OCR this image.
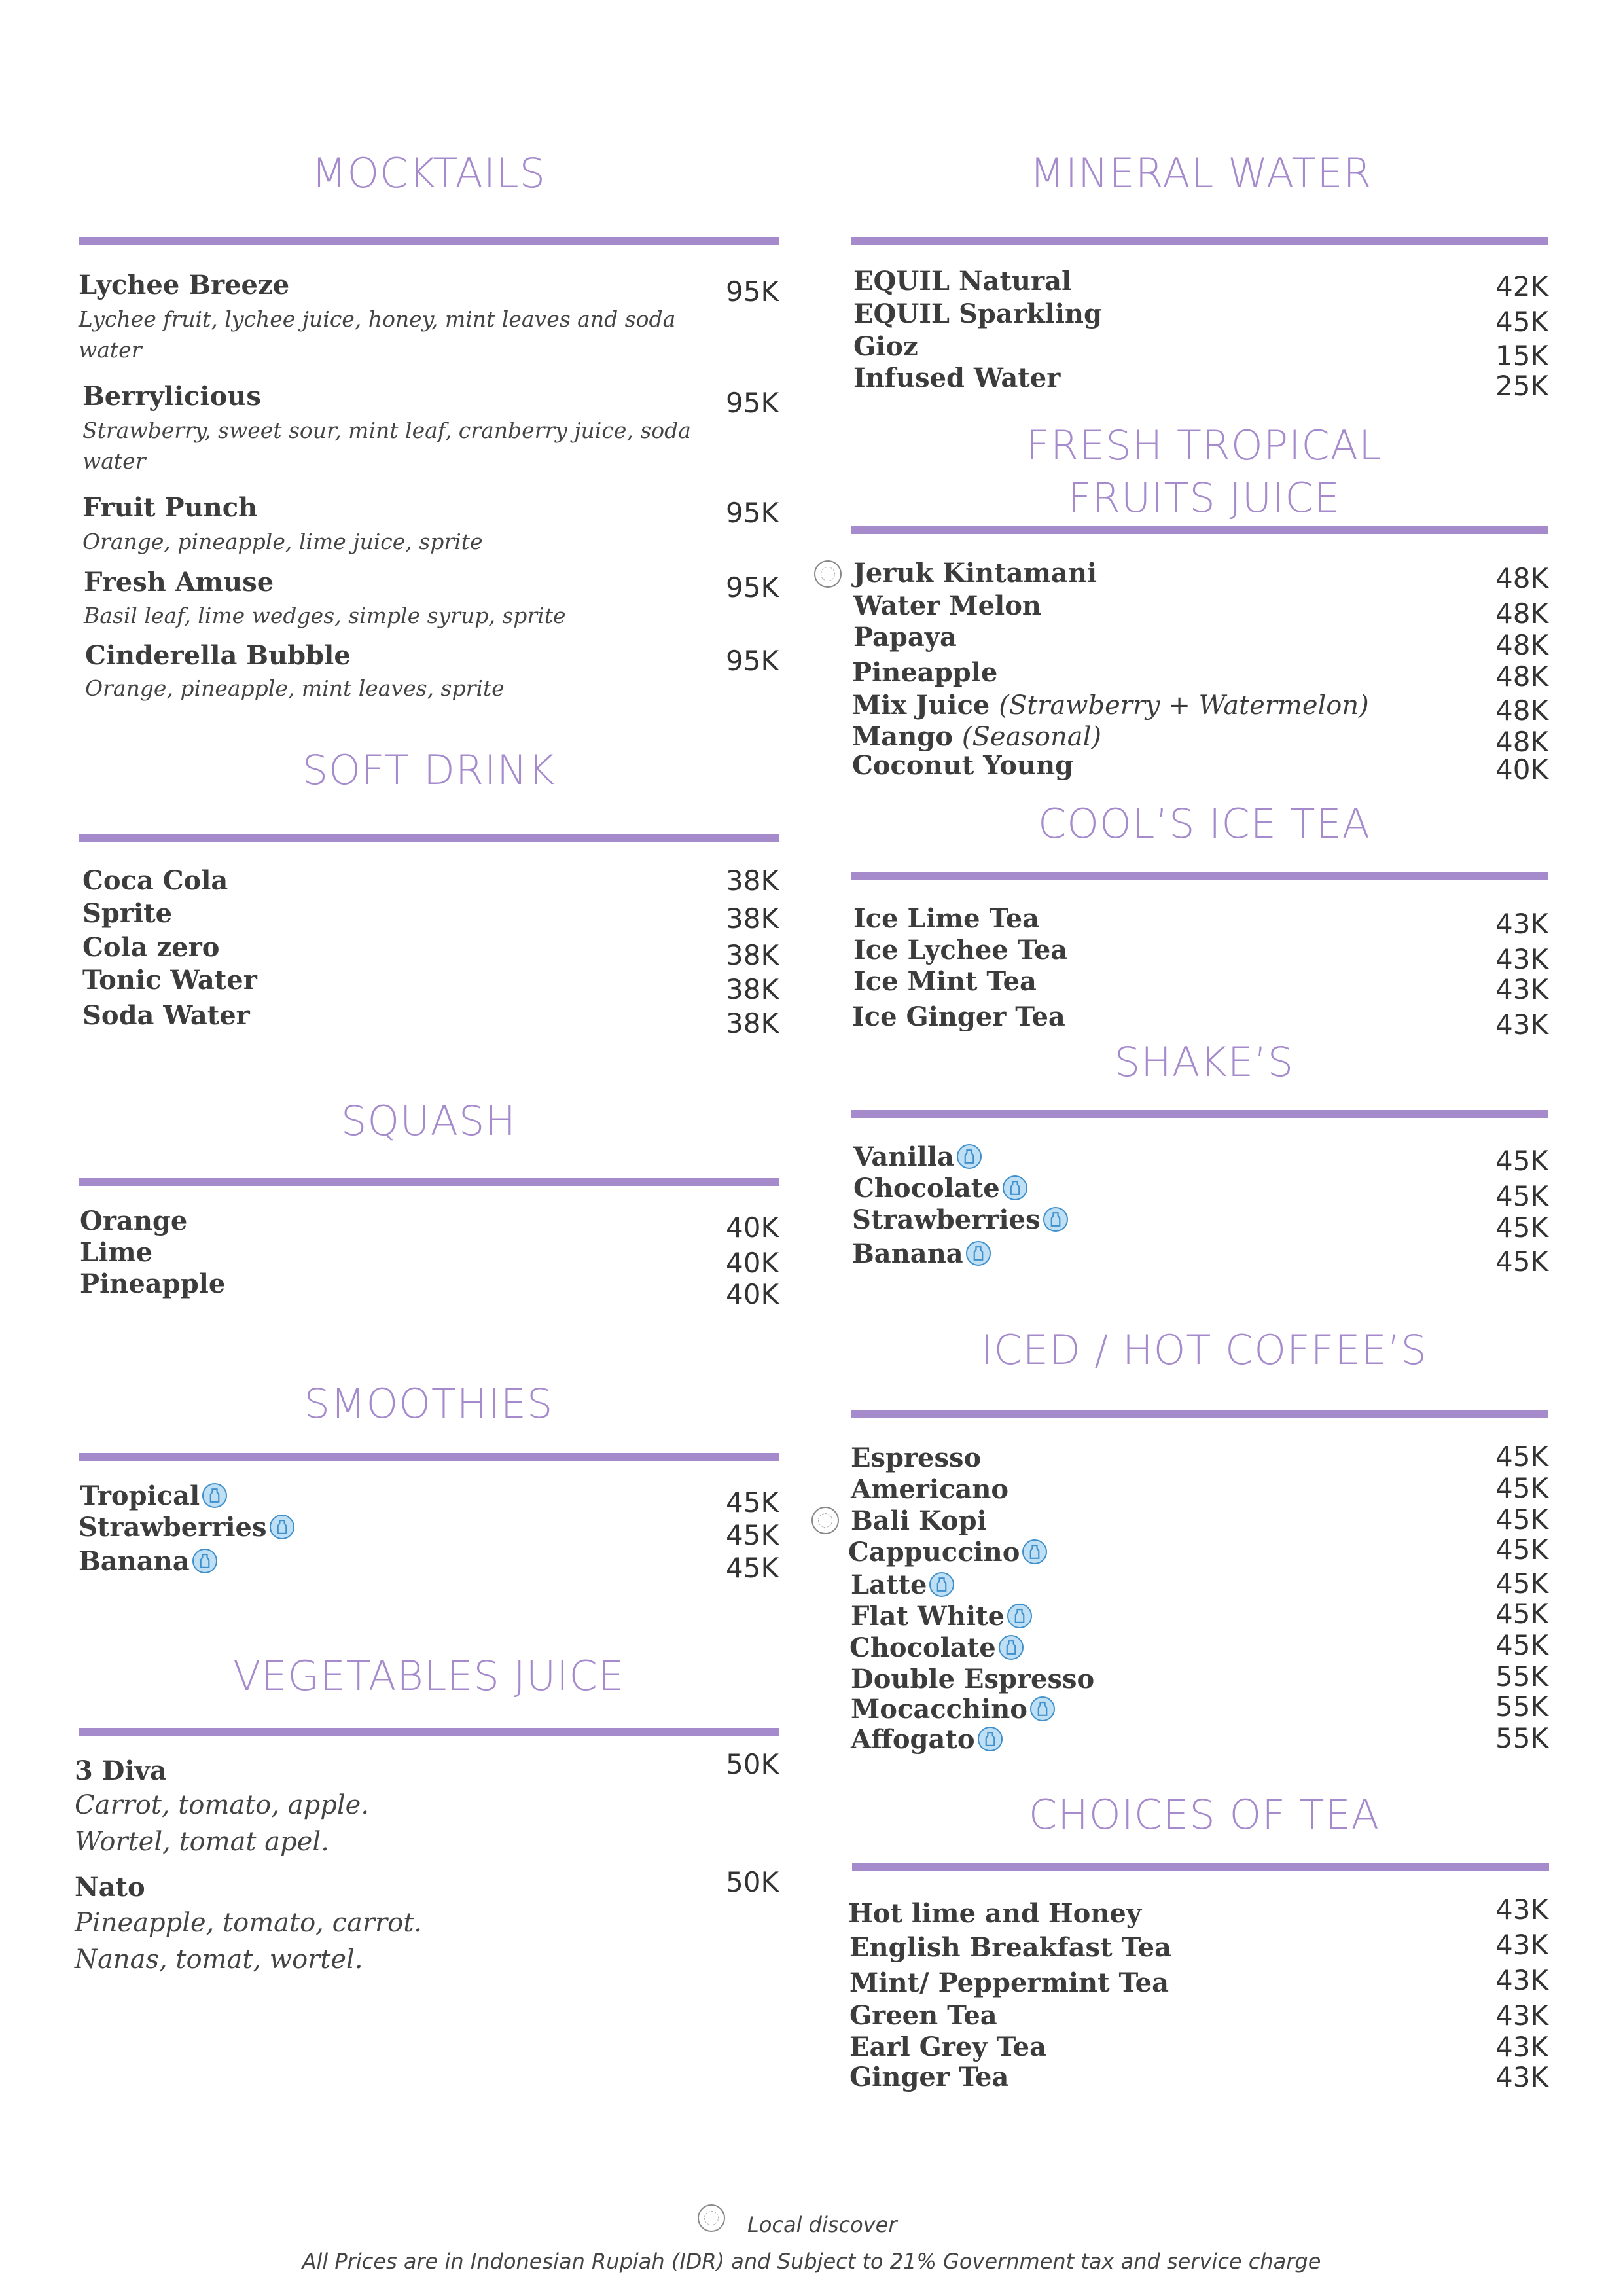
MOCKTAILS
Lychee Breeze
Lychee fruit, lychee juice, honey, mint leaves and soda water
95K
Berrylicious
Strawberry, sweet sour, mint leaf, cranberry juice, soda water
95K
Fruit Punch
Orange, pineapple, lime juice, sprite
95K
Fresh Amuse
Basil leaf, lime wedges, simple syrup, sprite
95K
Cinderella Bubble
Orange, pineapple, mint leaves, sprite
95K
SOFT DRINK
Coca Cola	38K
Sprite	38K
Cola zero	38K
Tonic Water	38K
Soda Water	38K
SQUASH
Orange	40K
Lime	40K
Pineapple	40K
SMOOTHIES
Tropical	45K
Strawberries	45K
Banana	45K
VEGETABLES JUICE
3 Diva
Carrot, tomato, apple.
Wortel, tomat apel.
50K
Nato
Pineapple, tomato, carrot.
Nanas, tomat, wortel.
50K
MINERAL WATER
EQUIL Natural	42K
EQUIL Sparkling	45K
Gioz	15K
Infused Water	25K
FRESH TROPICAL
FRUITS JUICE
Jeruk Kintamani	48K
Water Melon	48K
Papaya	48K
Pineapple	48K
Mix Juice (Strawberry + Watermelon)	48K
Mango (Seasonal)	48K
Coconut Young	40K
COOL’S ICE TEA
Ice Lime Tea	43K
Ice Lychee Tea	43K
Ice Mint Tea	43K
Ice Ginger Tea	43K
SHAKE’S
Vanilla	45K
Chocolate	45K
Strawberries	45K
Banana	45K
ICED / HOT COFFEE’S
Espresso	45K
Americano	45K
Bali Kopi	45K
Cappuccino	45K
Latte	45K
Flat White	45K
Chocolate	45K
Double Espresso	55K
Mocacchino	55K
Affogato	55K
CHOICES OF TEA
Hot lime and Honey	43K
English Breakfast Tea	43K
Mint/ Peppermint Tea	43K
Green Tea	43K
Earl Grey Tea	43K
Ginger Tea	43K
Local discover
All Prices are in Indonesian Rupiah (IDR) and Subject to 21% Government tax and service charge
